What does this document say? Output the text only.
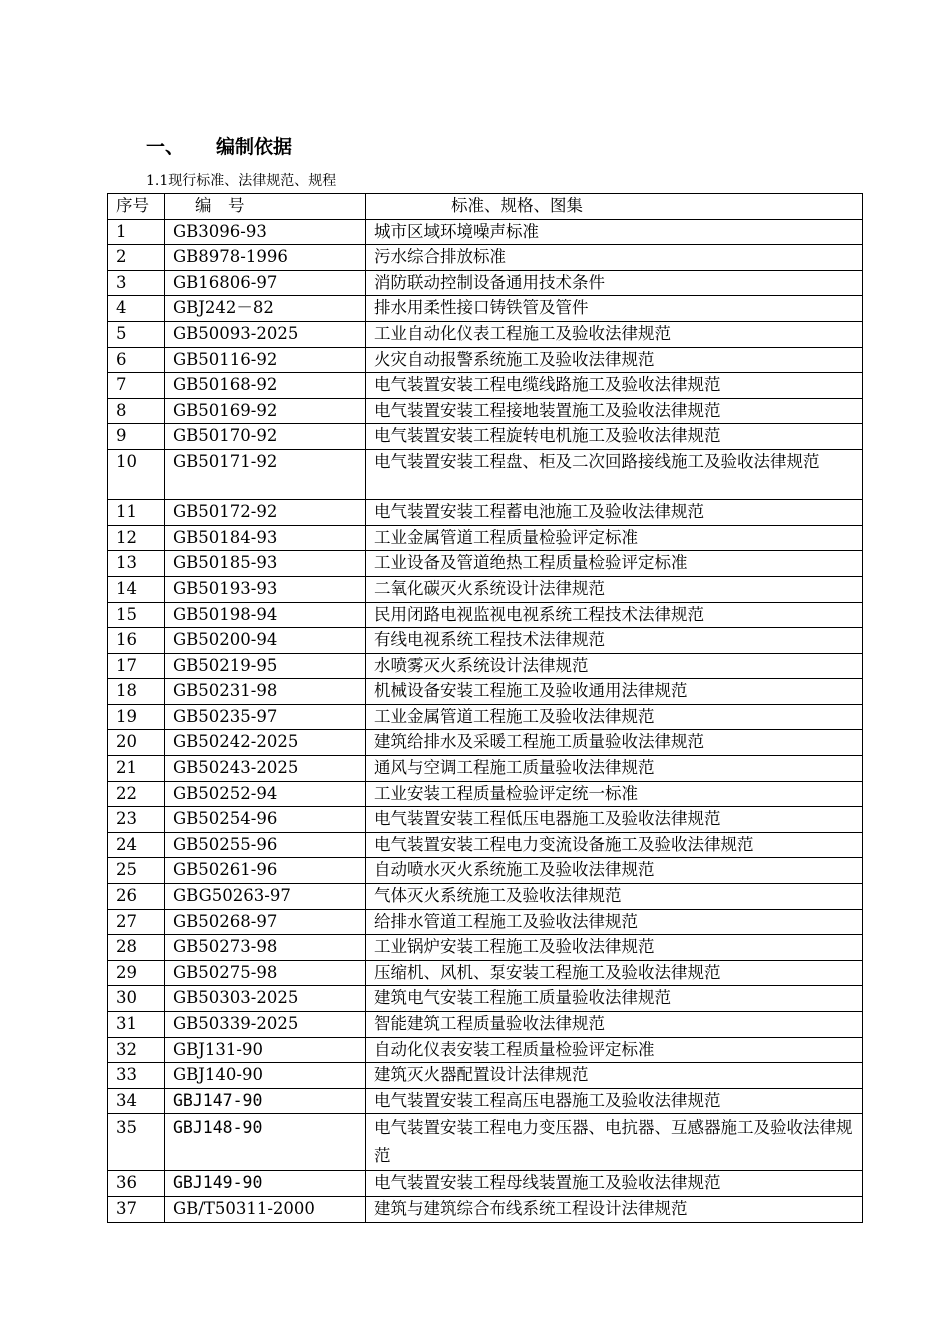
一、 编制依据
1.1现行标准、法律规范、规程
序号	编　号	标准、规格、图集
1	GB3096-93	城市区域环境噪声标准
2	GB8978-1996	污水综合排放标准
3	GB16806-97	消防联动控制设备通用技术条件
4	GBJ242－82	排水用柔性接口铸铁管及管件
5	GB50093-2025	工业自动化仪表工程施工及验收法律规范
6	GB50116-92	火灾自动报警系统施工及验收法律规范
7	GB50168-92	电气装置安装工程电缆线路施工及验收法律规范
8	GB50169-92	电气装置安装工程接地装置施工及验收法律规范
9	GB50170-92	电气装置安装工程旋转电机施工及验收法律规范
10	GB50171-92	电气装置安装工程盘、柜及二次回路接线施工及验收法律规范
11	GB50172-92	电气装置安装工程蓄电池施工及验收法律规范
12	GB50184-93	工业金属管道工程质量检验评定标准
13	GB50185-93	工业设备及管道绝热工程质量检验评定标准
14	GB50193-93	二氧化碳灭火系统设计法律规范
15	GB50198-94	民用闭路电视监视电视系统工程技术法律规范
16	GB50200-94	有线电视系统工程技术法律规范
17	GB50219-95	水喷雾灭火系统设计法律规范
18	GB50231-98	机械设备安装工程施工及验收通用法律规范
19	GB50235-97	工业金属管道工程施工及验收法律规范
20	GB50242-2025	建筑给排水及采暖工程施工质量验收法律规范
21	GB50243-2025	通风与空调工程施工质量验收法律规范
22	GB50252-94	工业安装工程质量检验评定统一标准
23	GB50254-96	电气装置安装工程低压电器施工及验收法律规范
24	GB50255-96	电气装置安装工程电力变流设备施工及验收法律规范
25	GB50261-96	自动喷水灭火系统施工及验收法律规范
26	GBG50263-97	气体灭火系统施工及验收法律规范
27	GB50268-97	给排水管道工程施工及验收法律规范
28	GB50273-98	工业锅炉安装工程施工及验收法律规范
29	GB50275-98	压缩机、风机、泵安装工程施工及验收法律规范
30	GB50303-2025	建筑电气安装工程施工质量验收法律规范
31	GB50339-2025	智能建筑工程质量验收法律规范
32	GBJ131-90	自动化仪表安装工程质量检验评定标准
33	GBJ140-90	建筑灭火器配置设计法律规范
34	GBJ147-90	电气装置安装工程高压电器施工及验收法律规范
35	GBJ148-90	电气装置安装工程电力变压器、电抗器、互感器施工及验收法律规范
36	GBJ149-90	电气装置安装工程母线装置施工及验收法律规范
37	GB/T50311-2000	建筑与建筑综合布线系统工程设计法律规范
